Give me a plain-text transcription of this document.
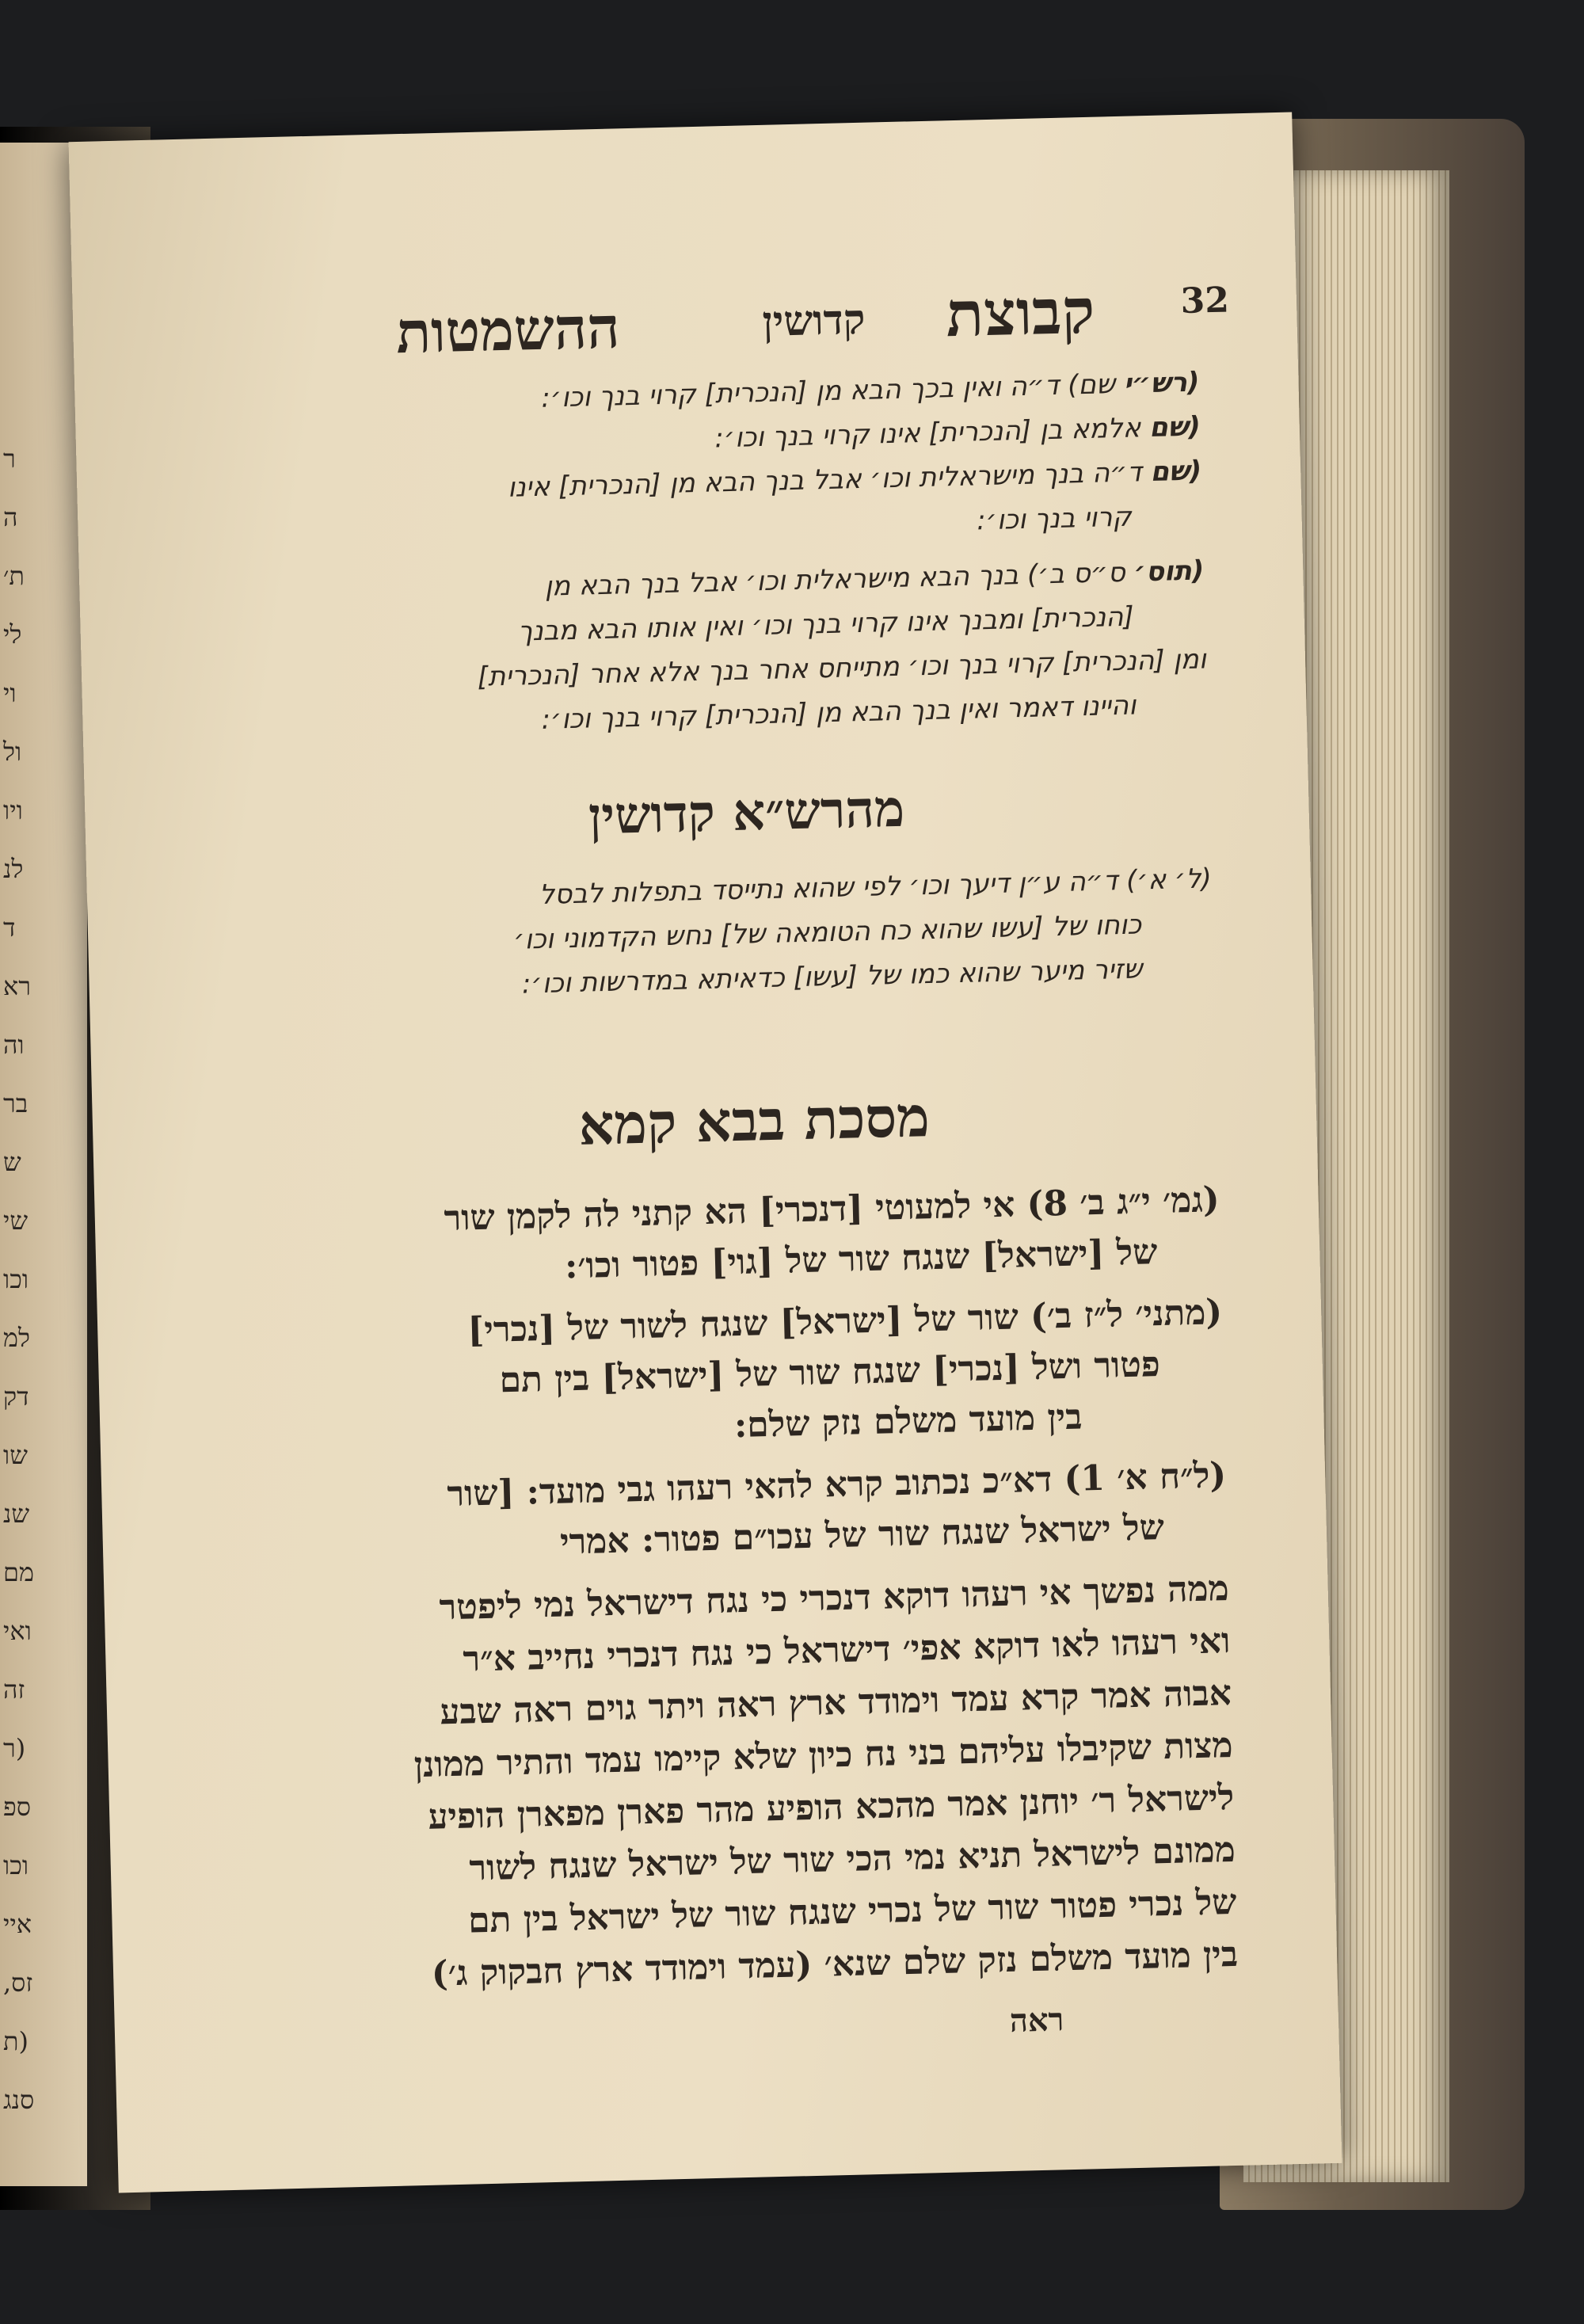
ר
ה
ת׳
לי
וי
ול
ויו
לנ
ד
רא
וה
בר
ש
שי
וכו
למ
דק
שו
שנ
מם
ואי
זה
(ר
ספ
וכו
איי
זס,
(ת
סנג
32
קבוצת
קדושין
ההשמטות
(רש״י שם) ד״ה ואין בכך הבא מן [הנכרית] קרוי בנך וכו׳:
(שם אלמא בן [הנכרית] אינו קרוי בנך וכו׳:
(שם ד״ה בנך מישראלית וכו׳ אבל בנך הבא מן [הנכרית] אינו
קרוי בנך וכו׳:
(תוס׳ ס״ס ב׳) בנך הבא מישראלית וכו׳ אבל בנך הבא מן
[הנכרית] ומבנך אינו קרוי בנך וכו׳ ואין אותו הבא מבנך
ומן [הנכרית] קרוי בנך וכו׳ מתייחס אחר בנך אלא אחר [הנכרית]
והיינו דאמר ואין בנך הבא מן [הנכרית] קרוי בנך וכו׳:
מהרש״א קדושין
(ל׳ א׳) ד״ה ע״ן דיעך וכו׳ לפי שהוא נתייסד בתפלות לבסל
כוחו של [עשו שהוא כח הטומאה של] נחש הקדמוני וכו׳
שזיר מיער שהוא כמו של [עשו] כדאיתא במדרשות וכו׳:
מסכת בבא קמא
(גמ׳ י״ג ב׳ 8) אי למעוטי [דנכרי] הא קתני לה לקמן שור
של [ישראל] שנגח שור של [גוי] פטור וכו׳:
(מתני׳ ל״ז ב׳) שור של [ישראל] שנגח לשור של [נכרי]
פטור ושל [נכרי] שנגח שור של [ישראל] בין תם
בין מועד משלם נזק שלם:
(ל״ח א׳ 1) דא״כ נכתוב קרא להאי רעהו גבי מועד: [שור
של ישראל שנגח שור של עכו״ם פטור: אמרי
ממה נפשך אי רעהו דוקא דנכרי כי נגח דישראל נמי ליפטר
ואי רעהו לאו דוקא אפי׳ דישראל כי נגח דנכרי נחייב א״ר
אבוה אמר קרא עמד וימודד ארץ ראה ויתר גוים ראה שבע
מצות שקיבלו עליהם בני נח כיון שלא קיימו עמד והתיר ממונן
לישראל ר׳ יוחנן אמר מהכא הופיע מהר פארן מפארן הופיע
ממונם לישראל תניא נמי הכי שור של ישראל שנגח לשור
של נכרי פטור שור של נכרי שנגח שור של ישראל בין תם
בין מועד משלם נזק שלם שנא׳ (עמד וימודד ארץ חבקוק ג׳)
ראה
